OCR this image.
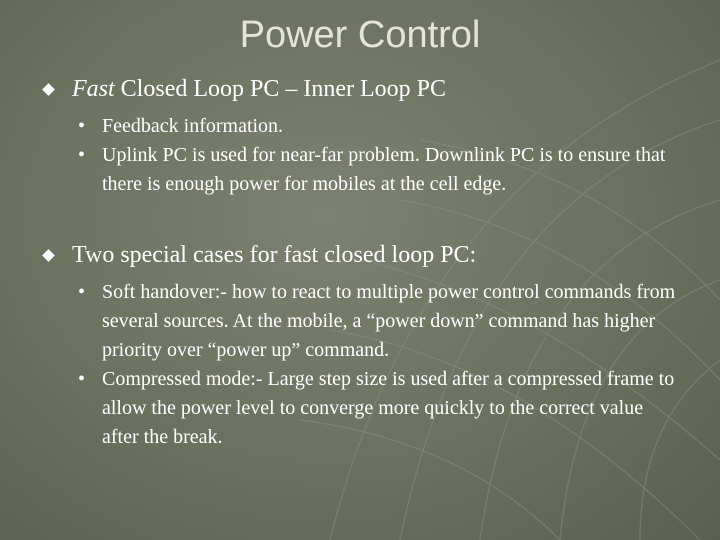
Power Control
Fast Closed Loop PC – Inner Loop PC
• Feedback information.
• Uplink PC is used for near-far problem. Downlink PC is to ensure that there is enough power for mobiles at the cell edge.
Two special cases for fast closed loop PC:
• Soft handover:- how to react to multiple power control commands from several sources. At the mobile, a “power down” command has higher priority over “power up” command.
• Compressed mode:- Large step size is used after a compressed frame to allow the power level to converge more quickly to the correct value after the break.
